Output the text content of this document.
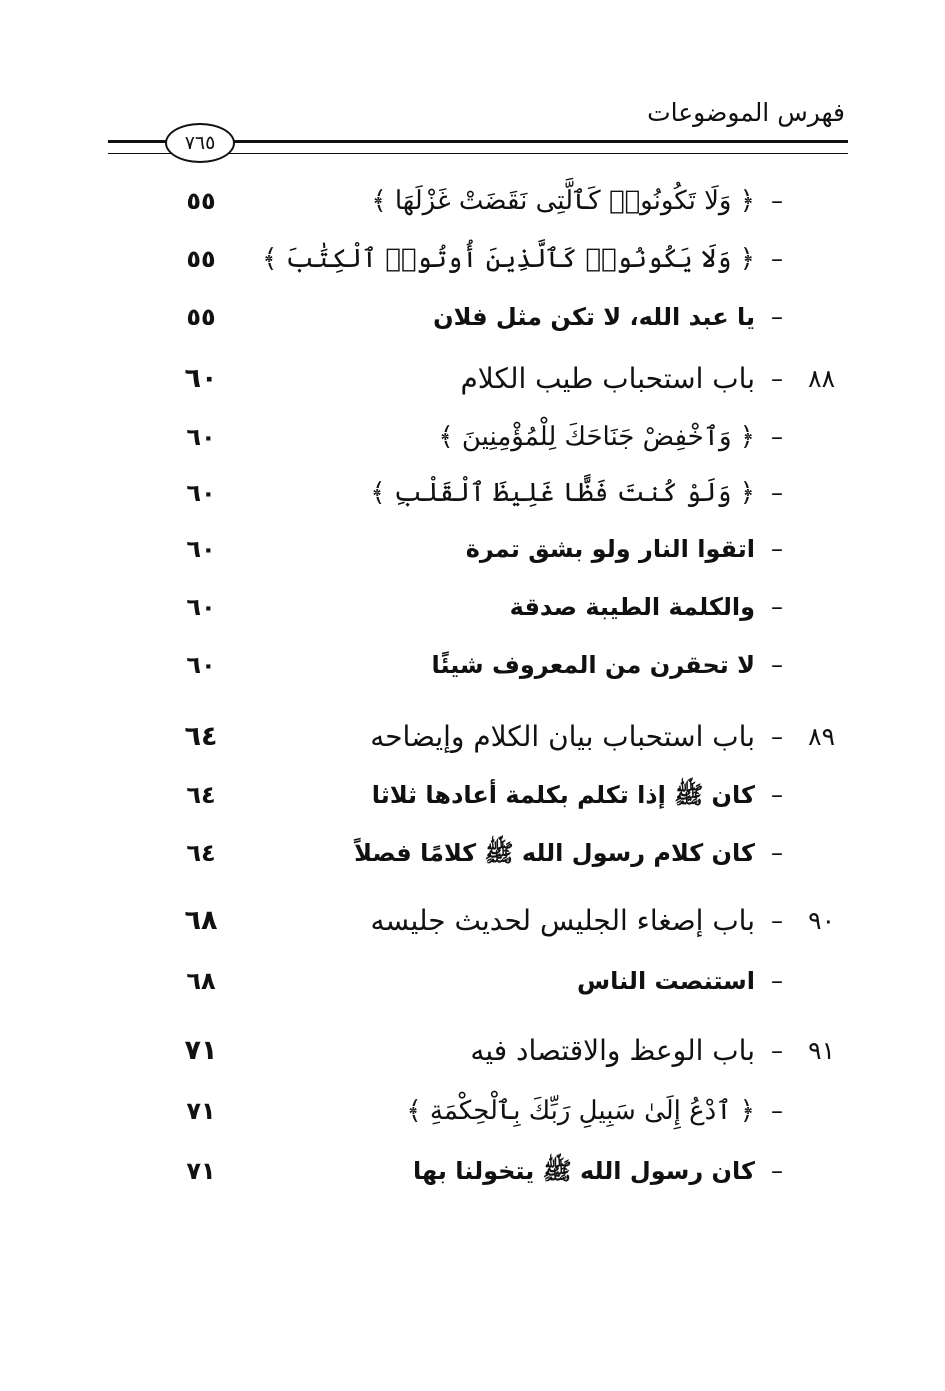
فهرس الموضوعات
٧٦٥
–
﴿ وَلَا تَكُونُوا۟ كَٱلَّتِى نَقَضَتْ غَزْلَهَا ﴾
٥٥
–
﴿ وَلَا يَكُونُوا۟ كَٱلَّذِينَ أُوتُوا۟ ٱلْكِتَٰبَ ﴾
٥٥
–
يا عبد الله، لا تكن مثل فلان
٥٥
٨٨
–
باب استحباب طيب الكلام
٦٠
–
﴿ وَٱخْفِضْ جَنَاحَكَ لِلْمُؤْمِنِينَ ﴾
٦٠
–
﴿ وَلَوْ كُنتَ فَظًّا غَلِيظَ ٱلْقَلْبِ ﴾
٦٠
–
اتقوا النار ولو بشق تمرة
٦٠
–
والكلمة الطيبة صدقة
٦٠
–
لا تحقرن من المعروف شيئًا
٦٠
٨٩
–
باب استحباب بيان الكلام وإيضاحه
٦٤
–
كان ﷺ إذا تكلم بكلمة أعادها ثلاثا
٦٤
–
كان كلام رسول الله ﷺ كلامًا فصلاً
٦٤
٩٠
–
باب إصغاء الجليس لحديث جليسه
٦٨
–
استنصت الناس
٦٨
٩١
–
باب الوعظ والاقتصاد فيه
٧١
–
﴿ ٱدْعُ إِلَىٰ سَبِيلِ رَبِّكَ بِٱلْحِكْمَةِ ﴾
٧١
–
كان رسول الله ﷺ يتخولنا بها
٧١
